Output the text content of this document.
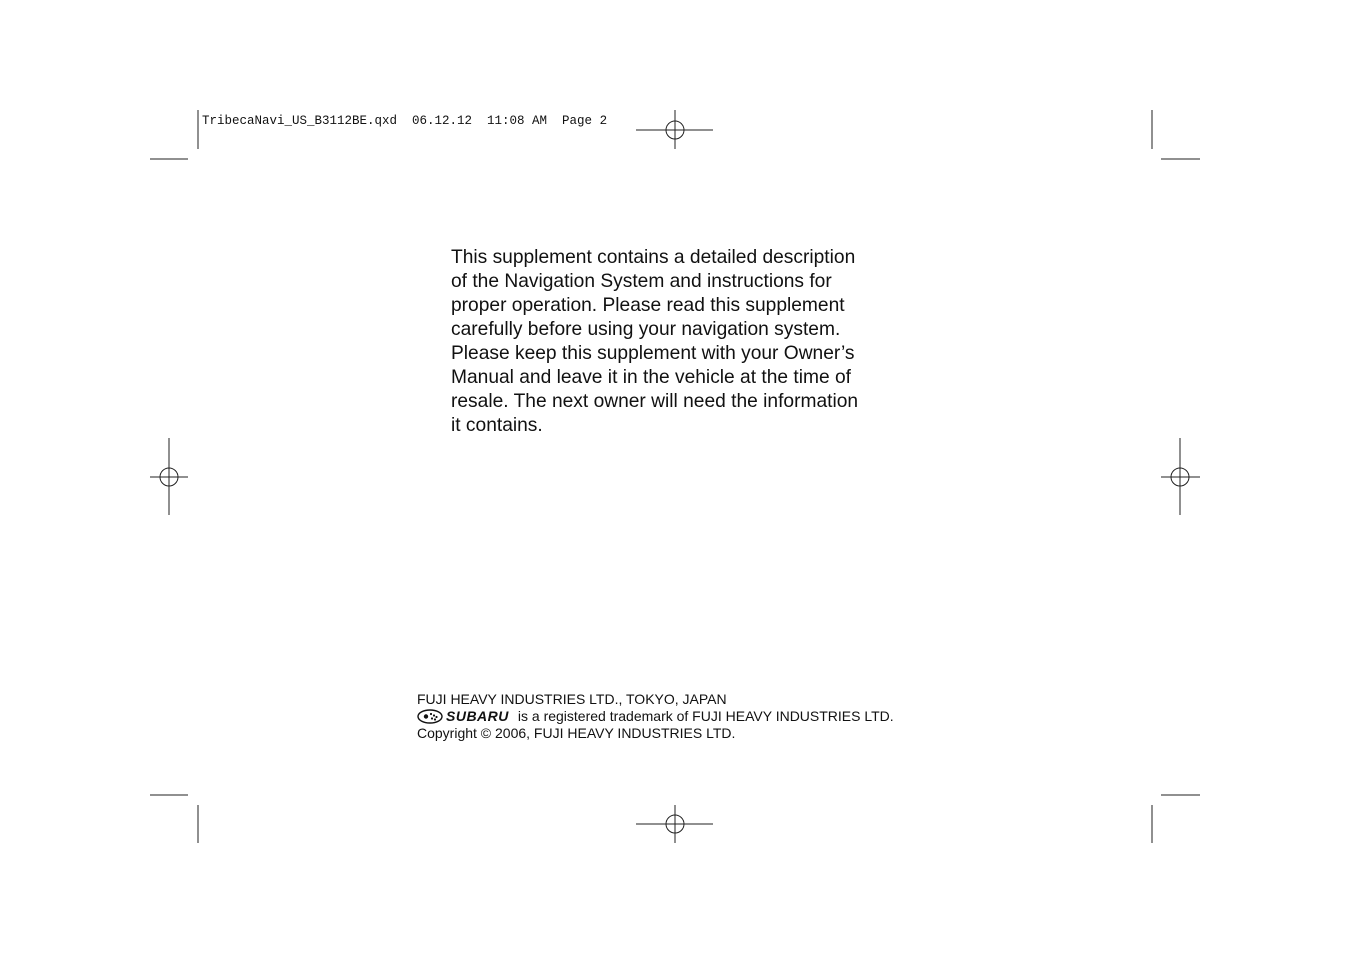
TribecaNavi_US_B3112BE.qxd  06.12.12  11:08 AM  Page 2
This supplement contains a detailed description
of the Navigation System and instructions for
proper operation. Please read this supplement
carefully before using your navigation system.
Please keep this supplement with your Owner’s
Manual and leave it in the vehicle at the time of
resale. The next owner will need the information
it contains.
FUJI HEAVY INDUSTRIES LTD., TOKYO, JAPAN
SUBARU is a registered trademark of FUJI HEAVY INDUSTRIES LTD.
Copyright © 2006, FUJI HEAVY INDUSTRIES LTD.
